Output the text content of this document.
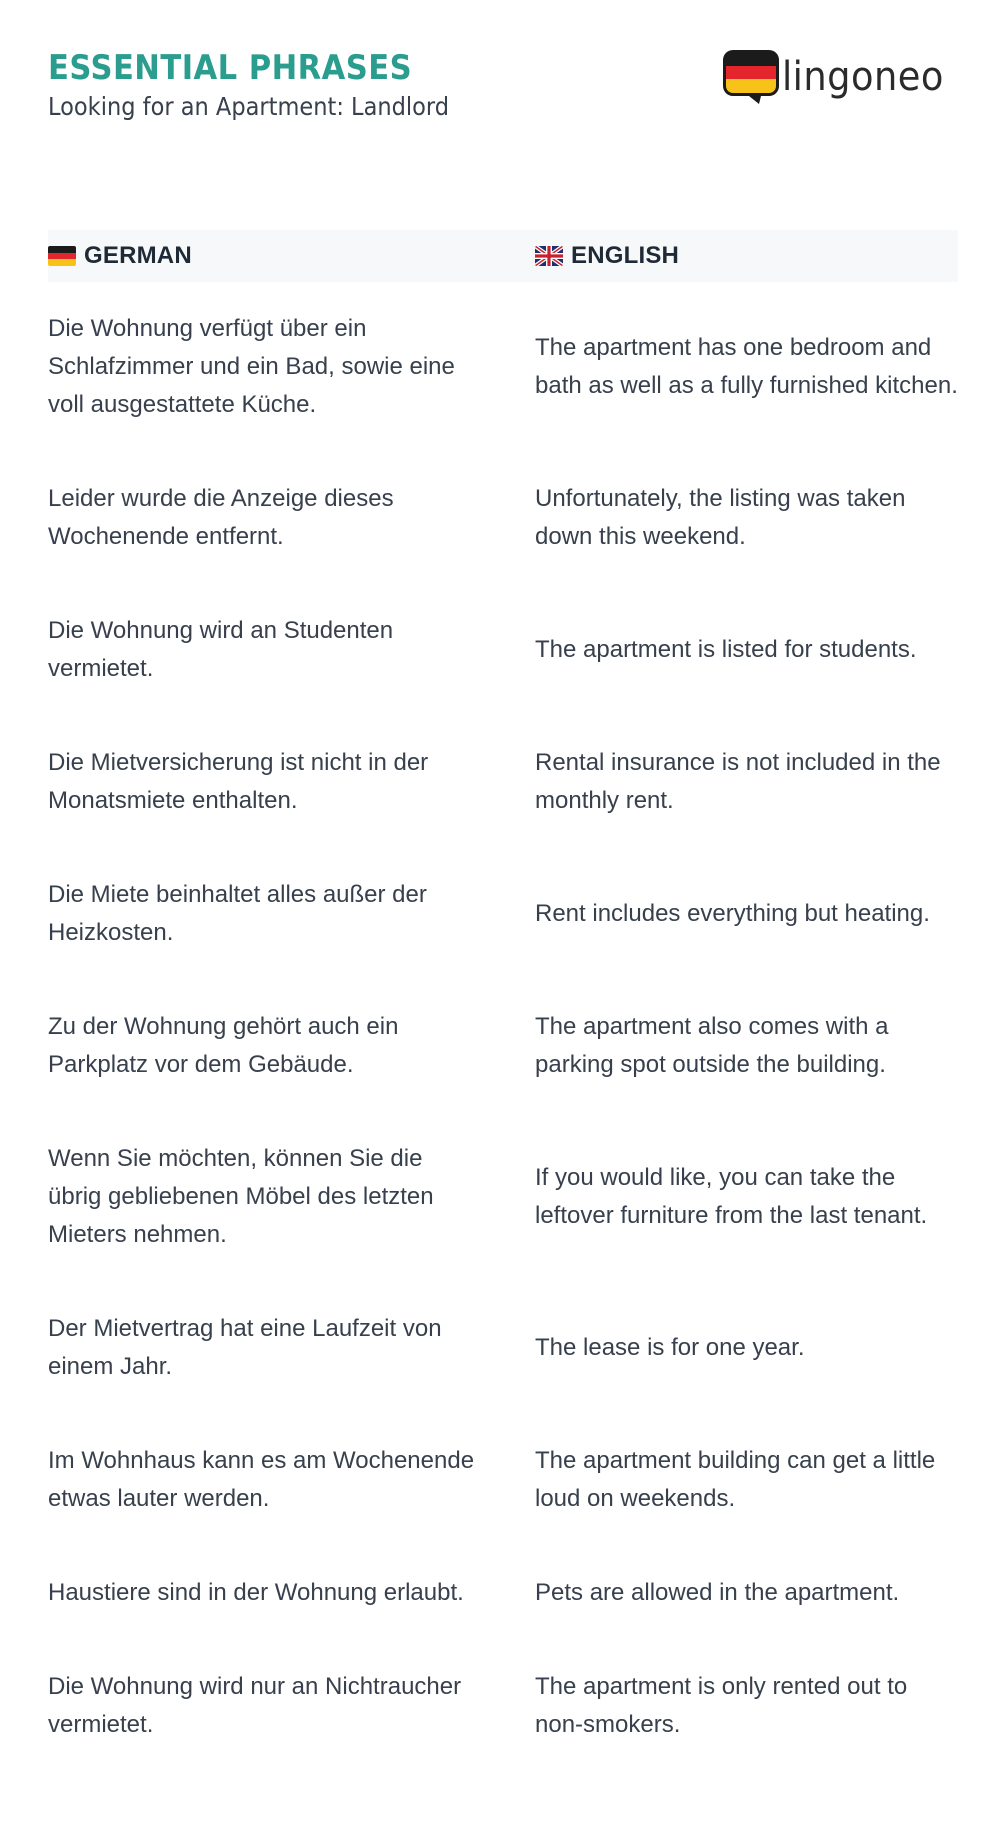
ESSENTIAL PHRASES
Looking for an Apartment: Landlord
lingoneo
GERMAN	ENGLISH
Die Wohnung verfügt über ein Schlafzimmer und ein Bad, sowie eine voll ausgestattete Küche.
The apartment has one bedroom and bath as well as a fully furnished kitchen.
Leider wurde die Anzeige dieses Wochenende entfernt.
Unfortunately, the listing was taken down this weekend.
Die Wohnung wird an Studenten vermietet.
The apartment is listed for students.
Die Mietversicherung ist nicht in der Monatsmiete enthalten.
Rental insurance is not included in the monthly rent.
Die Miete beinhaltet alles außer der Heizkosten.
Rent includes everything but heating.
Zu der Wohnung gehört auch ein Parkplatz vor dem Gebäude.
The apartment also comes with a parking spot outside the building.
Wenn Sie möchten, können Sie die übrig gebliebenen Möbel des letzten Mieters nehmen.
If you would like, you can take the leftover furniture from the last tenant.
Der Mietvertrag hat eine Laufzeit von einem Jahr.
The lease is for one year.
Im Wohnhaus kann es am Wochenende etwas lauter werden.
The apartment building can get a little loud on weekends.
Haustiere sind in der Wohnung erlaubt.	Pets are allowed in the apartment.
Die Wohnung wird nur an Nichtraucher vermietet.
The apartment is only rented out to non-smokers.
